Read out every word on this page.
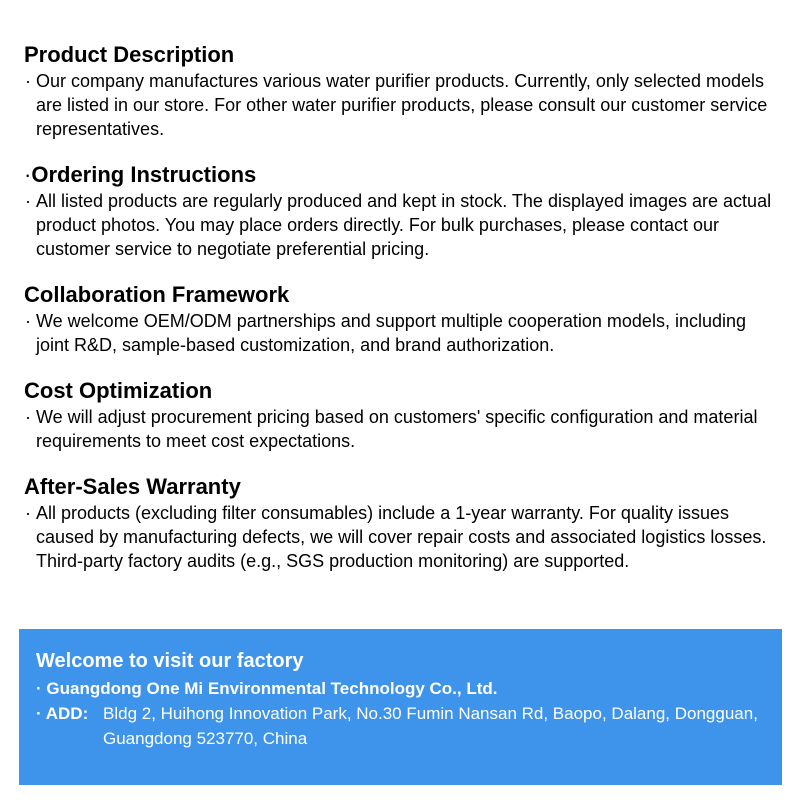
Product Description
· Our company manufactures various water purifier products. Currently, only selected models are listed in our store. For other water purifier products, please consult our customer service representatives.
·Ordering Instructions
· All listed products are regularly produced and kept in stock. The displayed images are actual product photos. You may place orders directly. For bulk purchases, please contact our customer service to negotiate preferential pricing.
Collaboration Framework
· We welcome OEM/ODM partnerships and support multiple cooperation models, including joint R&D, sample-based customization, and brand authorization.
Cost Optimization
· We will adjust procurement pricing based on customers' specific configuration and material requirements to meet cost expectations.
After-Sales Warranty
· All products (excluding filter consumables) include a 1-year warranty. For quality issues caused by manufacturing defects, we will cover repair costs and associated logistics losses. Third-party factory audits (e.g., SGS production monitoring) are supported.
Welcome to visit our factory
· Guangdong One Mi Environmental Technology Co., Ltd.
· ADD: Bldg 2, Huihong Innovation Park, No.30 Fumin Nansan Rd, Baopo, Dalang, Dongguan, Guangdong 523770, China
